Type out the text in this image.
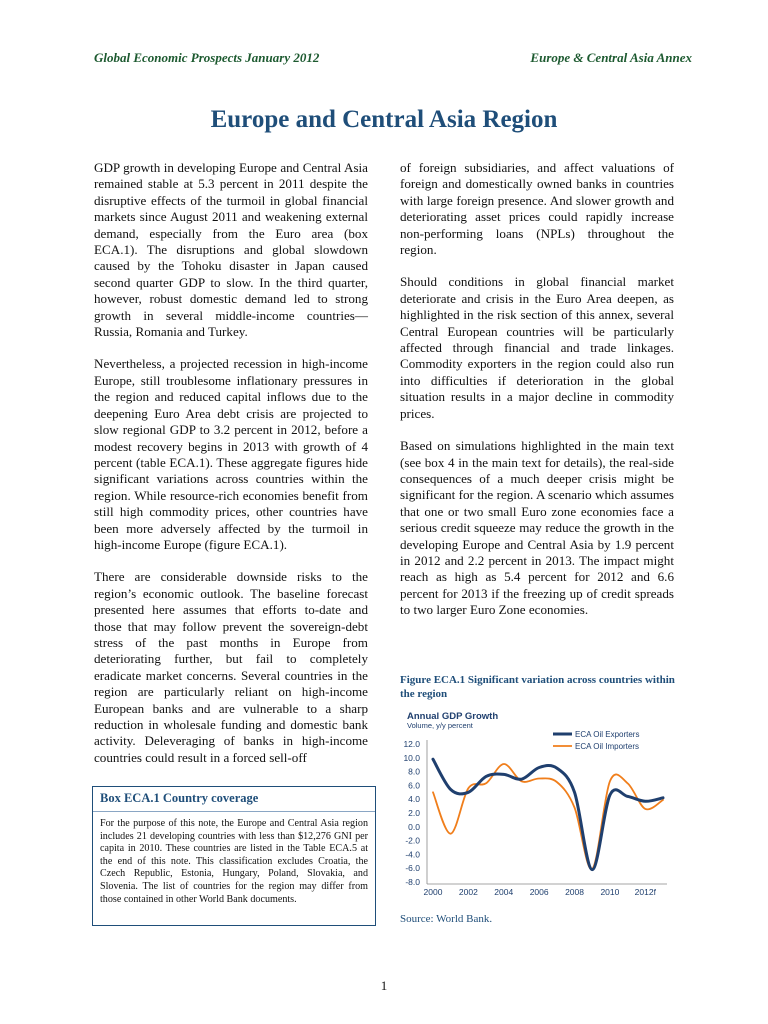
Global Economic Prospects January 2012	Europe & Central Asia Annex
Europe and Central Asia Region

GDP growth in developing Europe and Central Asia remained stable at 5.3 percent in 2011 despite the disruptive effects of the turmoil in global financial markets since August 2011 and weakening external demand, especially from the Euro area (box ECA.1). The disruptions and global slowdown caused by the Tohoku disaster in Japan caused second quarter GDP to slow. In the third quarter, however, robust domestic demand led to strong growth in several middle-income countries—Russia, Romania and Turkey.

Nevertheless, a projected recession in high-income Europe, still troublesome inflationary pressures in the region and reduced capital inflows due to the deepening Euro Area debt crisis are projected to slow regional GDP to 3.2 percent in 2012, before a modest recovery begins in 2013 with growth of 4 percent (table ECA.1). These aggregate figures hide significant variations across countries within the region. While resource-rich economies benefit from still high commodity prices, other countries have been more adversely affected by the turmoil in high-income Europe (figure ECA.1).

There are considerable downside risks to the region’s economic outlook. The baseline forecast presented here assumes that efforts to-date and those that may follow prevent the sovereign-debt stress of the past months in Europe from deteriorating further, but fail to completely eradicate market concerns. Several countries in the region are particularly reliant on high-income European banks and are vulnerable to a sharp reduction in wholesale funding and domestic bank activity. Deleveraging of banks in high-income countries could result in a forced sell-off

Box ECA.1 Country coverage
For the purpose of this note, the Europe and Central Asia region includes 21 developing countries with less than $12,276 GNI per capita in 2010. These countries are listed in the Table ECA.5 at the end of this note. This classification excludes Croatia, the Czech Republic, Estonia, Hungary, Poland, Slovakia, and Slovenia. The list of countries for the region may differ from those contained in other World Bank documents.

of foreign subsidiaries, and affect valuations of foreign and domestically owned banks in countries with large foreign presence. And slower growth and deteriorating asset prices could rapidly increase non-performing loans (NPLs) throughout the region.

Should conditions in global financial market deteriorate and crisis in the Euro Area deepen, as highlighted in the risk section of this annex, several Central European countries will be particularly affected through financial and trade linkages. Commodity exporters in the region could also run into difficulties if deterioration in the global situation results in a major decline in commodity prices.

Based on simulations highlighted in the main text (see box 4 in the main text for details), the real-side consequences of a much deeper crisis might be significant for the region. A scenario which assumes that one or two small Euro zone economies face a serious credit squeeze may reduce the growth in the developing Europe and Central Asia by 1.9 percent in 2012 and 2.2 percent in 2013. The impact might reach as high as 5.4 percent for 2012 and 6.6 percent for 2013 if the freezing up of credit spreads to two larger Euro Zone economies.

Figure ECA.1 Significant variation across countries within the region
Annual GDP Growth
Volume, y/y percent
12.0
10.0
8.0
6.0
4.0
2.0
0.0
-2.0
-4.0
-6.0
-8.0
2000 2002 2004 2006 2008 2010 2012f
ECA Oil Exporters
ECA Oil Importers
Source: World Bank.
1
